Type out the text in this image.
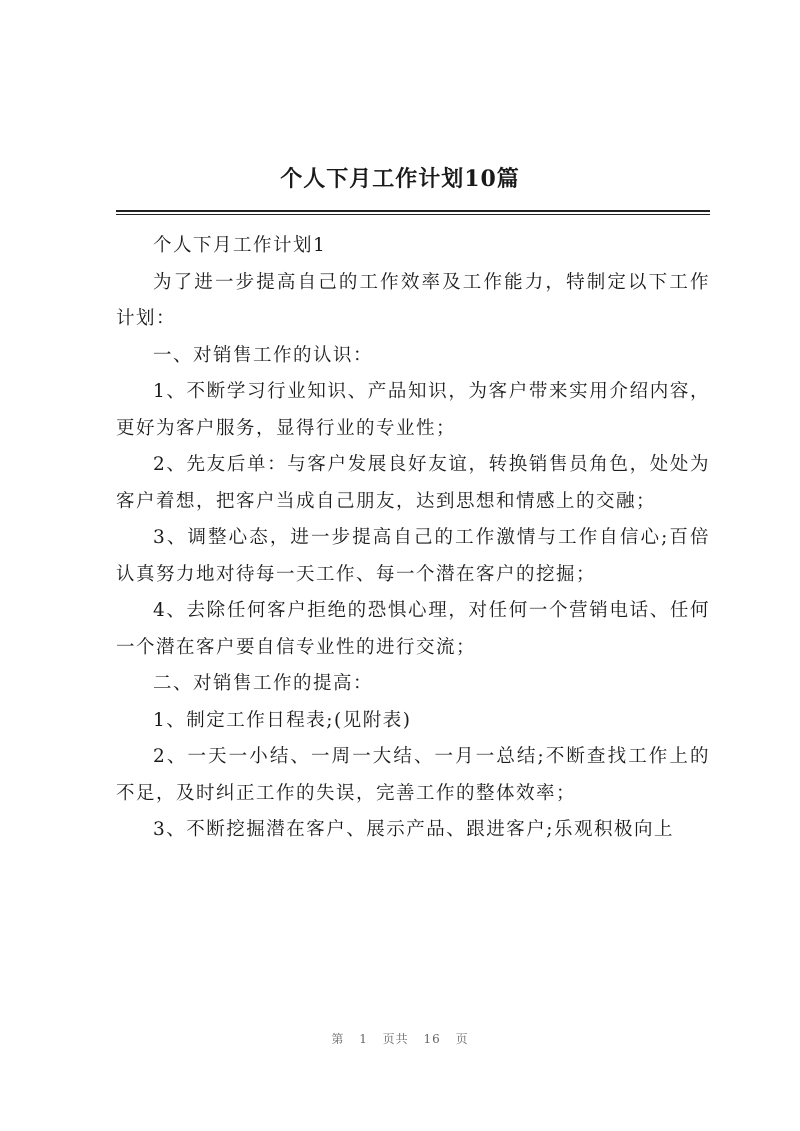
个人下月工作计划10篇

个人下月工作计划1

为了进一步提高自己的工作效率及工作能力，特制定以下工作计划：

一、对销售工作的认识：

1、不断学习行业知识、产品知识，为客户带来实用介绍内容，更好为客户服务，显得行业的专业性；

2、先友后单：与客户发展良好友谊，转换销售员角色，处处为客户着想，把客户当成自己朋友，达到思想和情感上的交融；

3、调整心态，进一步提高自己的工作激情与工作自信心;百倍认真努力地对待每一天工作、每一个潜在客户的挖掘；

4、去除任何客户拒绝的恐惧心理，对任何一个营销电话、任何一个潜在客户要自信专业性的进行交流；

二、对销售工作的提高：

1、制定工作日程表;(见附表)

2、一天一小结、一周一大结、一月一总结;不断查找工作上的不足，及时纠正工作的失误，完善工作的整体效率；

3、不断挖掘潜在客户、展示产品、跟进客户;乐观积极向上

第 1 页共 16 页
